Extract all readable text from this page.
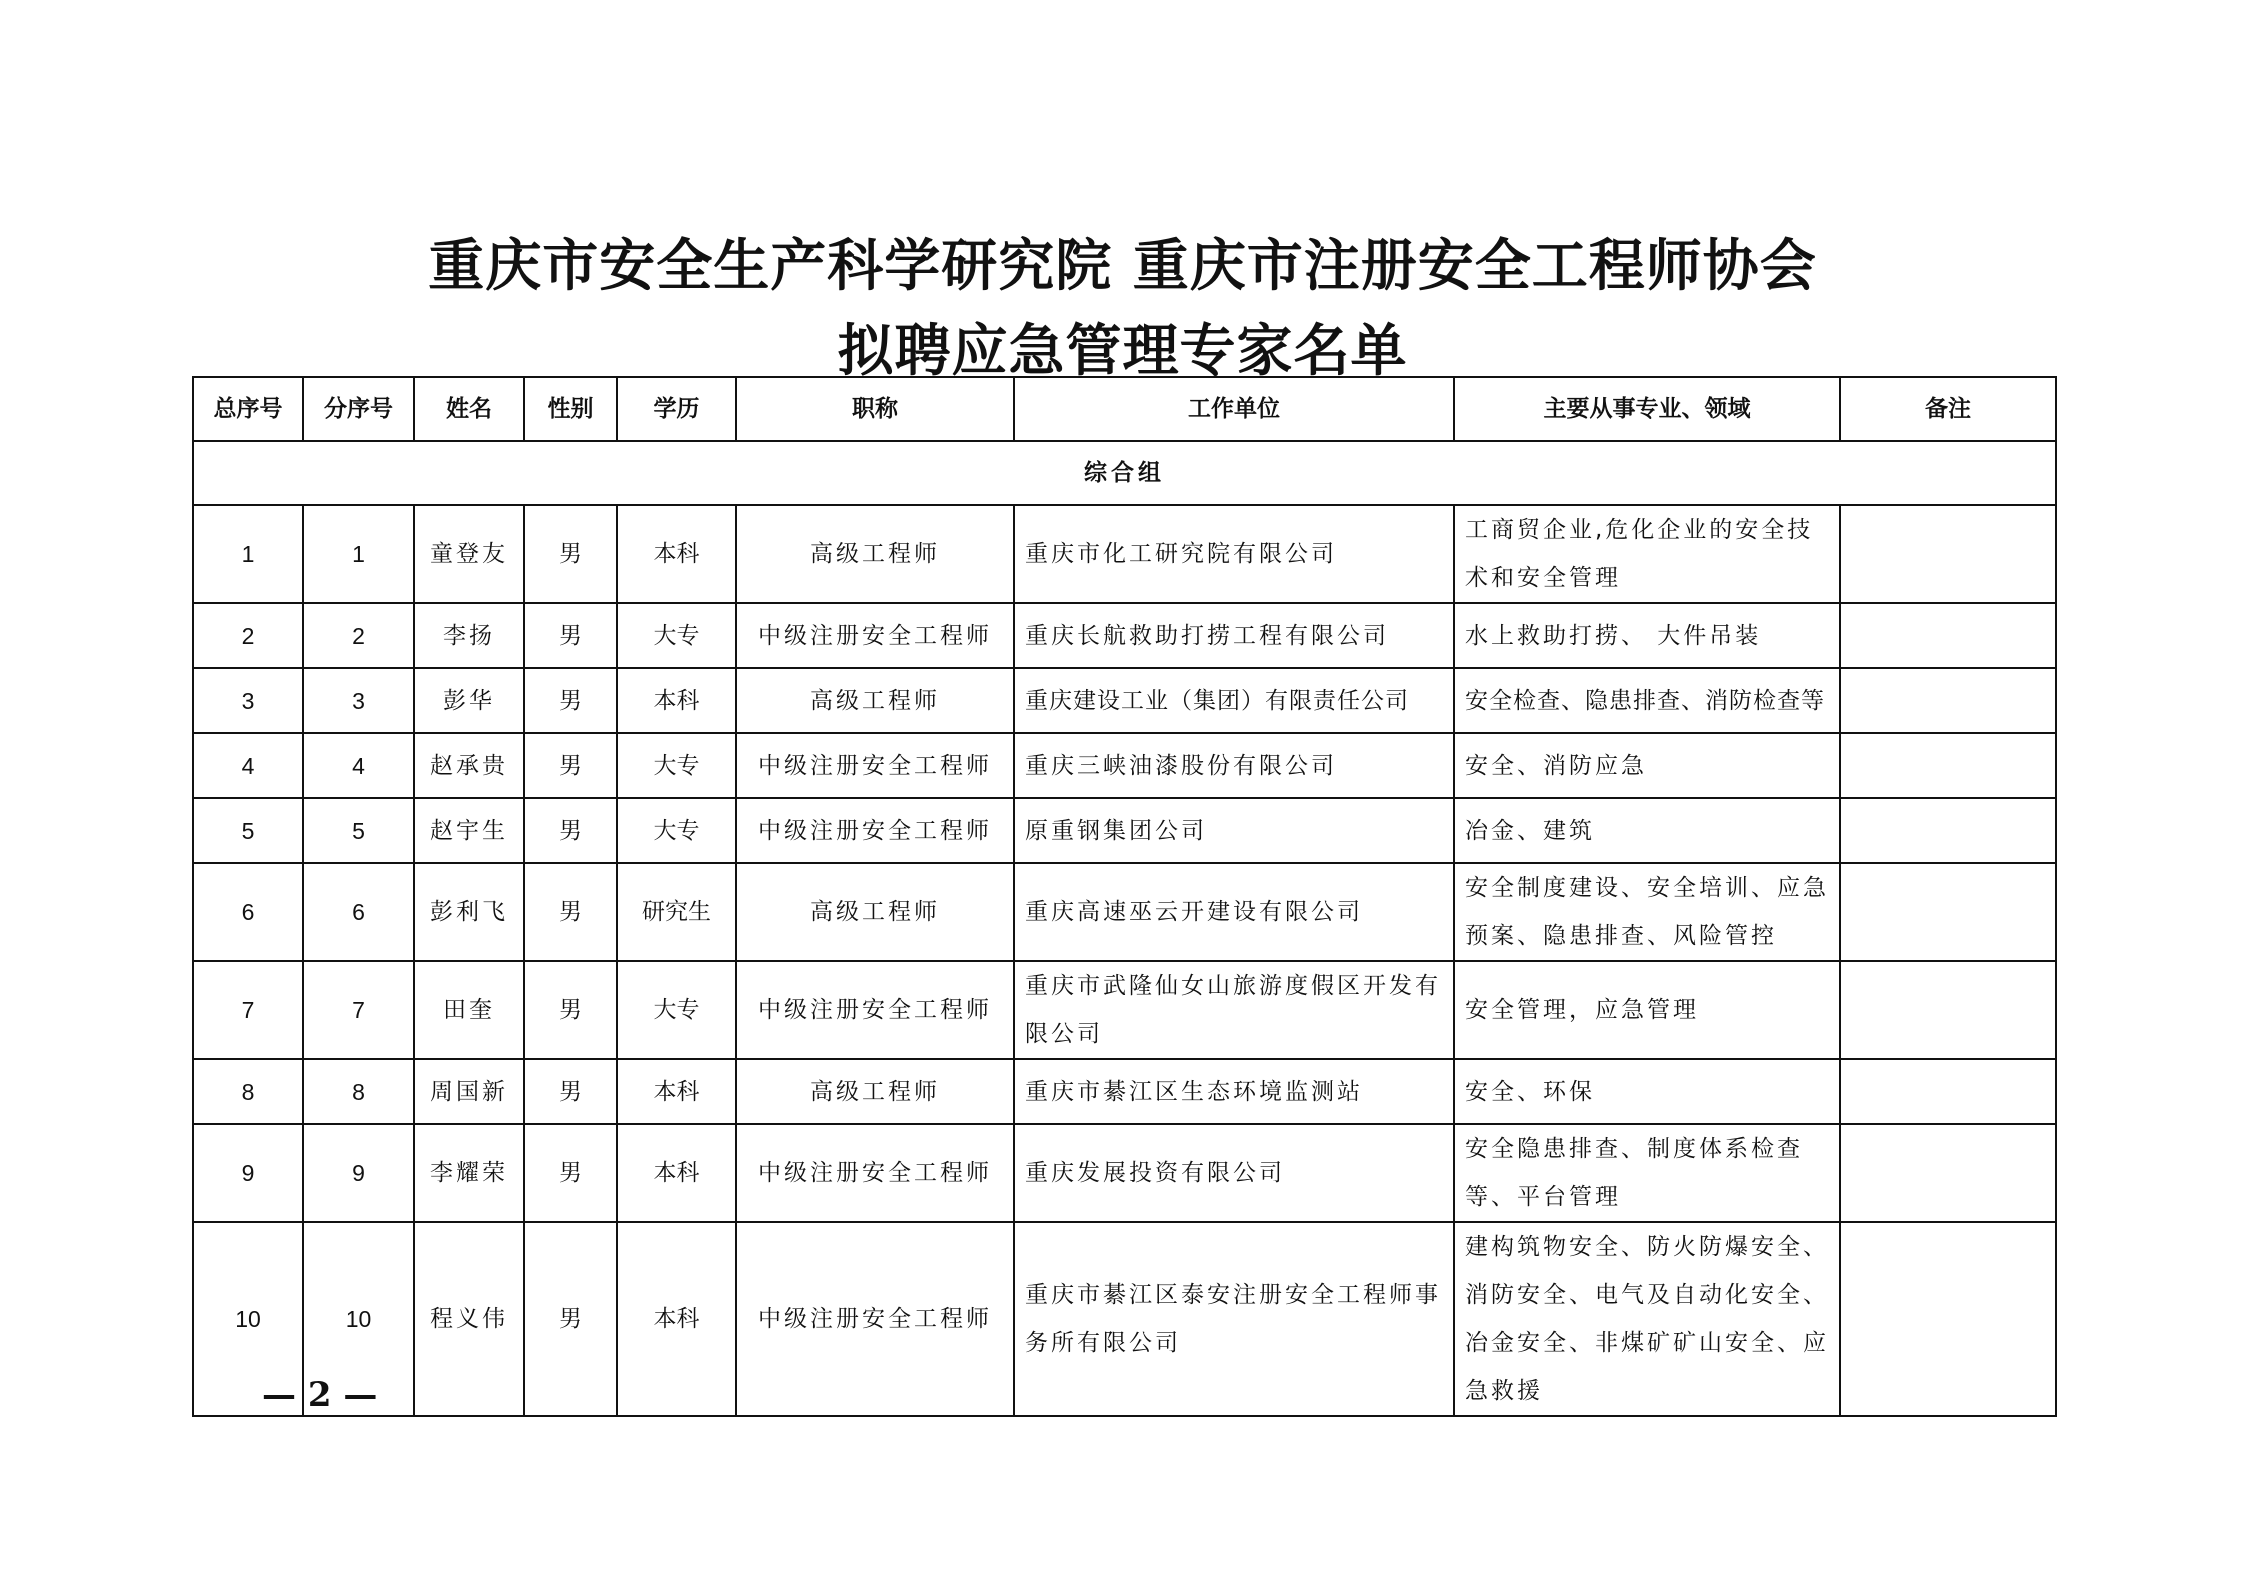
重庆市安全生产科学研究院 重庆市注册安全工程师协会
拟聘应急管理专家名单
总序号	分序号	姓名	性别	学历	职称	工作单位	主要从事专业、领域	备注
综合组								
1	1	童登友	男	本科	高级工程师	重庆市化工研究院有限公司	工商贸企业,危化企业的安全技术和安全管理	

2	2	李扬	男	大专	中级注册安全工程师	重庆长航救助打捞工程有限公司	水上救助打捞、 大件吊装	

3	3	彭华	男	本科	高级工程师	重庆建设工业（集团）有限责任公司	安全检查、隐患排查、消防检查等	

4	4	赵承贵	男	大专	中级注册安全工程师	重庆三峡油漆股份有限公司	安全、消防应急	

5	5	赵宇生	男	大专	中级注册安全工程师	原重钢集团公司	冶金、建筑	

6	6	彭利飞	男	研究生	高级工程师	重庆高速巫云开建设有限公司	安全制度建设、安全培训、应急预案、隐患排查、风险管控	

7	7	田奎	男	大专	中级注册安全工程师	重庆市武隆仙女山旅游度假区开发有限公司	安全管理，应急管理	

8	8	周国新	男	本科	高级工程师	重庆市綦江区生态环境监测站	安全、环保	

9	9	李耀荣	男	本科	中级注册安全工程师	重庆发展投资有限公司	安全隐患排查、制度体系检查等、平台管理	

10	10	程义伟	男	本科	中级注册安全工程师	重庆市綦江区泰安注册安全工程师事务所有限公司	建构筑物安全、防火防爆安全、消防安全、电气及自动化安全、冶金安全、非煤矿矿山安全、应急救援	

— 2 —
